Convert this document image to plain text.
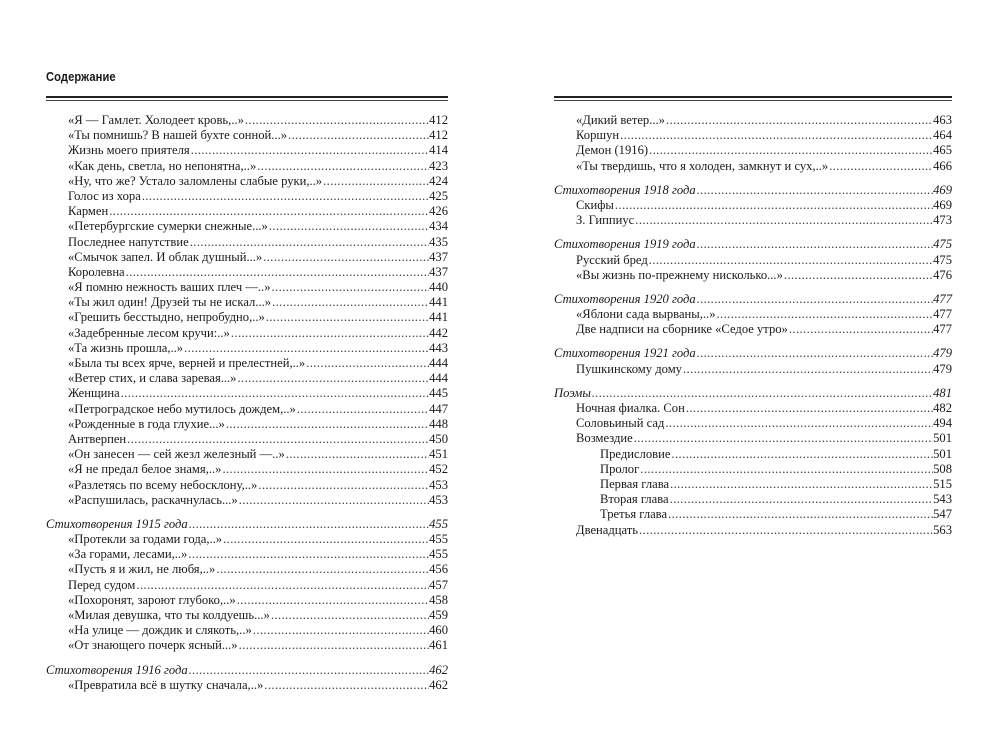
Содержание
«Я — Гамлет. Холодеет кровь,..» .....	412
«Ты помнишь? В нашей бухте сонной...» .....	412
Жизнь моего приятеля .....	414
«Как день, светла, но непонятна,..» .....	423
«Ну, что же? Устало заломлены слабые руки,..» .....	424
Голос из хора .....	425
Кармен .....	426
«Петербургские сумерки снежные...» .....	434
Последнее напутствие .....	435
«Смычок запел. И облак душный...» .....	437
Королевна .....	437
«Я помню нежность ваших плеч —..» .....	440
«Ты жил один! Друзей ты не искал...» .....	441
«Грешить бесстыдно, непробудно,..» .....	441
«Задебренные лесом кручи:..» .....	442
«Та жизнь прошла,..» .....	443
«Была ты всех ярче, верней и прелестней,..» .....	444
«Ветер стих, и слава заревая...» .....	444
Женщина .....	445
«Петроградское небо мутилось дождем,..» .....	447
«Рожденные в года глухие...» .....	448
Антверпен .....	450
«Он занесен — сей жезл железный —..» .....	451
«Я не предал белое знамя,..» .....	452
«Разлетясь по всему небосклону,..» .....	453
«Распушилась, раскачнулась...» .....	453
Стихотворения 1915 года .....	455
«Протекли за годами года,..» .....	455
«За горами, лесами,..» .....	455
«Пусть я и жил, не любя,..» .....	456
Перед судом .....	457
«Похоронят, зароют глубоко,..» .....	458
«Милая девушка, что ты колдуешь...» .....	459
«На улице — дождик и слякоть,..» .....	460
«От знающего почерк ясный...» .....	461
Стихотворения 1916 года .....	462
«Превратила всё в шутку сначала,..» .....	462
«Дикий ветер...» .....	463
Коршун .....	464
Демон (1916) .....	465
«Ты твердишь, что я холоден, замкнут и сух,..» .....	466
Стихотворения 1918 года .....	469
Скифы .....	469
З. Гиппиус .....	473
Стихотворения 1919 года .....	475
Русский бред .....	475
«Вы жизнь по-прежнему нисколько...» .....	476
Стихотворения 1920 года .....	477
«Яблони сада вырваны,..» .....	477
Две надписи на сборнике «Седое утро» .....	477
Стихотворения 1921 года .....	479
Пушкинскому дому .....	479
Поэмы .....	481
Ночная фиалка. Сон .....	482
Соловьиный сад .....	494
Возмездие .....	501
Предисловие .....	501
Пролог .....	508
Первая глава .....	515
Вторая глава .....	543
Третья глава .....	547
Двенадцать .....	563
